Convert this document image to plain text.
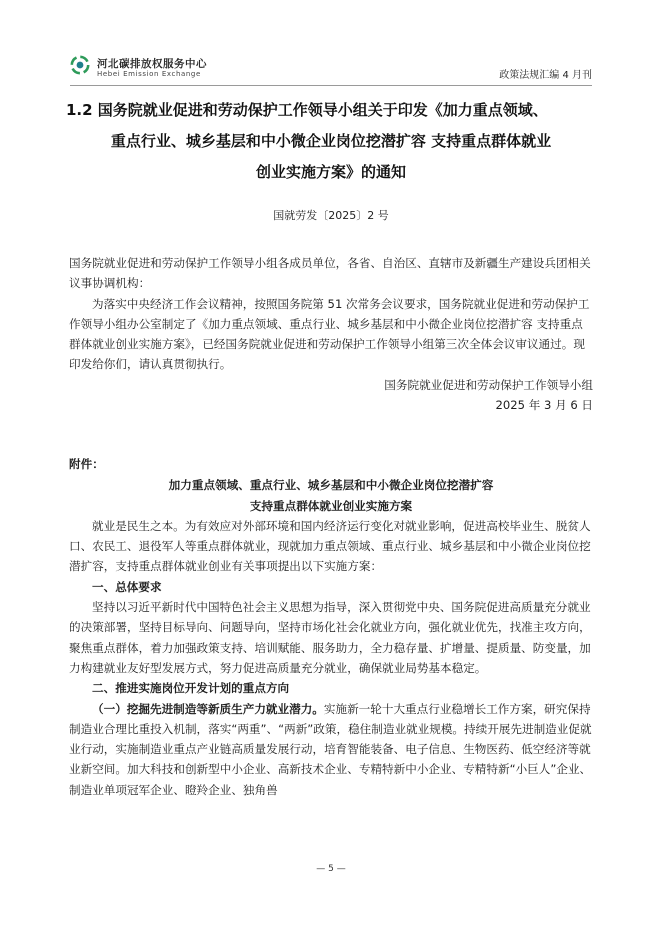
河北碳排放权服务中心
Hebei Emission Exchange	政策法规汇编 4 月刊
1.2 国务院就业促进和劳动保护工作领导小组关于印发《加力重点领域、
重点行业、城乡基层和中小微企业岗位挖潜扩容 支持重点群体就业
创业实施方案》的通知
国就劳发〔2025〕2 号

国务院就业促进和劳动保护工作领导小组各成员单位，各省、自治区、直辖市及新疆生产建设兵团相关议事协调机构：

为落实中央经济工作会议精神，按照国务院第 51 次常务会议要求，国务院就业促进和劳动保护工作领导小组办公室制定了《加力重点领域、重点行业、城乡基层和中小微企业岗位挖潜扩容 支持重点群体就业创业实施方案》，已经国务院就业促进和劳动保护工作领导小组第三次全体会议审议通过。现印发给你们，请认真贯彻执行。

国务院就业促进和劳动保护工作领导小组

2025 年 3 月 6 日

附件：

加力重点领域、重点行业、城乡基层和中小微企业岗位挖潜扩容

支持重点群体就业创业实施方案

就业是民生之本。为有效应对外部环境和国内经济运行变化对就业影响，促进高校毕业生、脱贫人口、农民工、退役军人等重点群体就业，现就加力重点领域、重点行业、城乡基层和中小微企业岗位挖潜扩容，支持重点群体就业创业有关事项提出以下实施方案：

一、总体要求

坚持以习近平新时代中国特色社会主义思想为指导，深入贯彻党中央、国务院促进高质量充分就业的决策部署，坚持目标导向、问题导向，坚持市场化社会化就业方向，强化就业优先，找准主攻方向，聚焦重点群体，着力加强政策支持、培训赋能、服务助力，全力稳存量、扩增量、提质量、防变量，加力构建就业友好型发展方式，努力促进高质量充分就业，确保就业局势基本稳定。

二、推进实施岗位开发计划的重点方向

（一）挖掘先进制造等新质生产力就业潜力。实施新一轮十大重点行业稳增长工作方案，研究保持制造业合理比重投入机制，落实“两重”、“两新”政策，稳住制造业就业规模。持续开展先进制造业促就业行动，实施制造业重点产业链高质量发展行动，培育智能装备、电子信息、生物医药、低空经济等就业新空间。加大科技和创新型中小企业、高新技术企业、专精特新中小企业、专精特新“小巨人”企业、制造业单项冠军企业、瞪羚企业、独角兽

— 5 —
